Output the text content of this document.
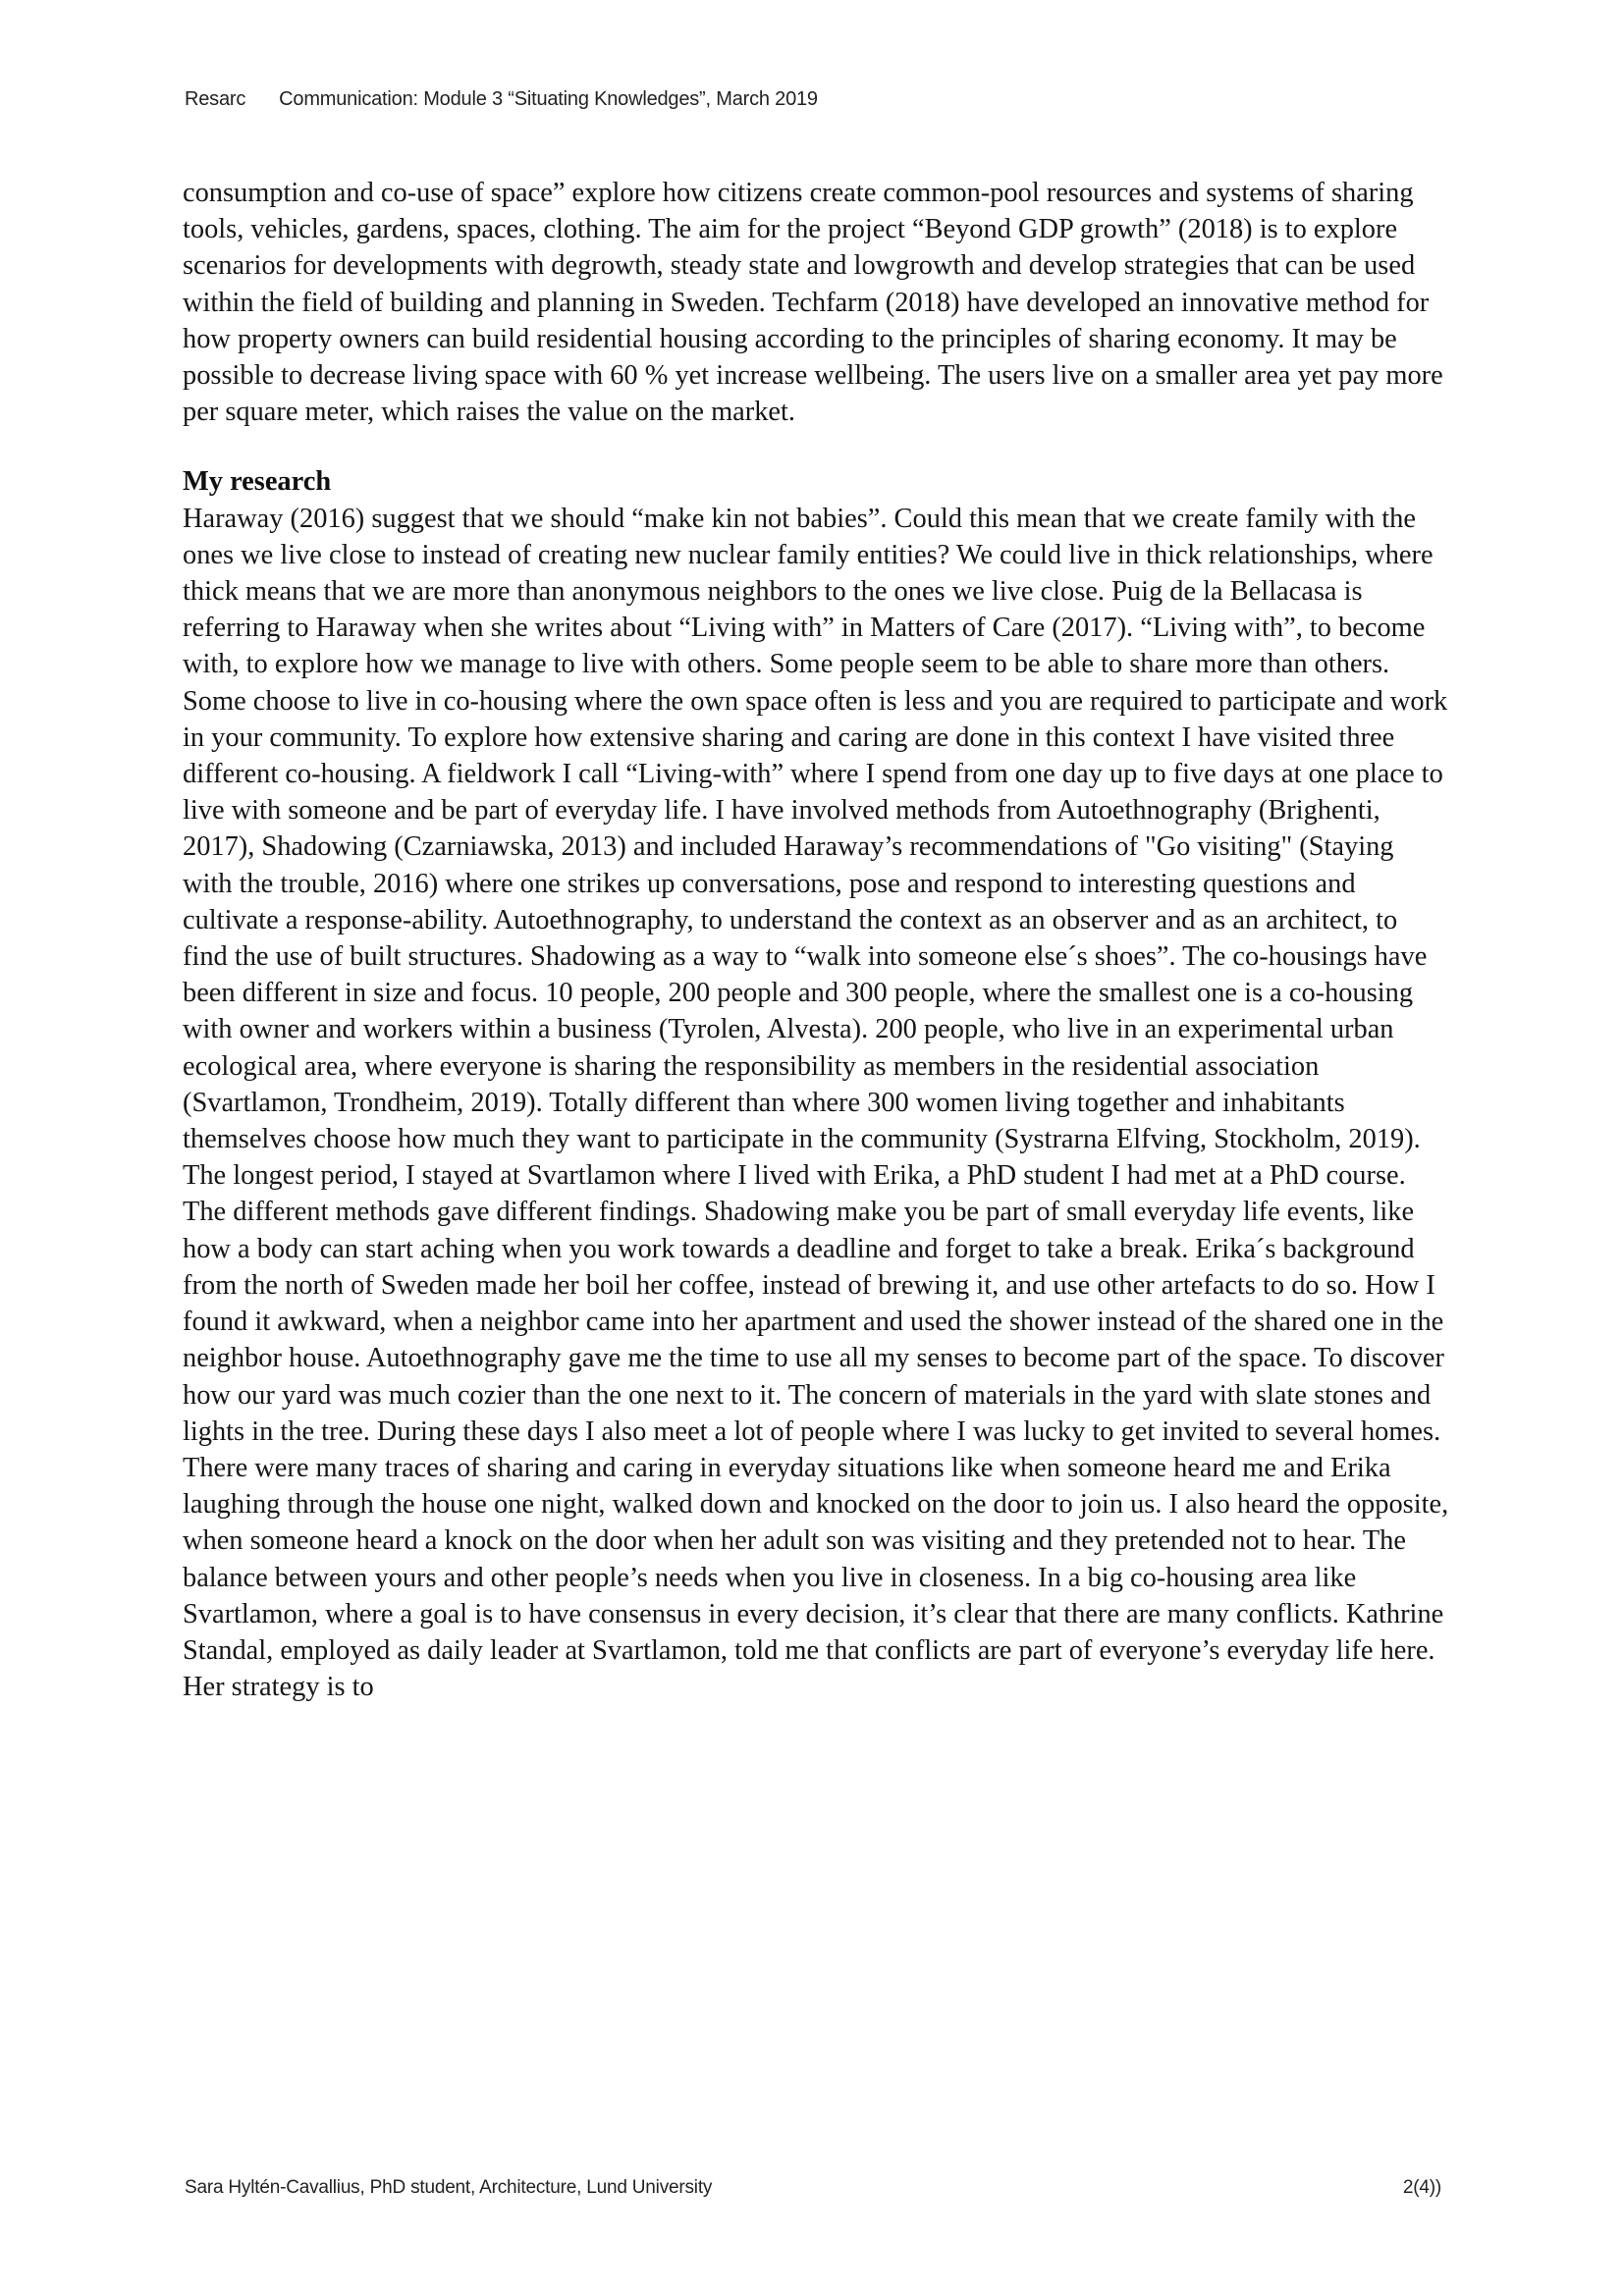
Resarc Communication: Module 3 “Situating Knowledges”, March 2019

consumption and co-use of space” explore how citizens create common-pool resources and systems of sharing tools, vehicles, gardens, spaces, clothing. The aim for the project “Beyond GDP growth” (2018) is to explore scenarios for developments with degrowth, steady state and lowgrowth and develop strategies that can be used within the field of building and planning in Sweden. Techfarm (2018) have developed an innovative method for how property owners can build residential housing according to the principles of sharing economy. It may be possible to decrease living space with 60 % yet increase wellbeing. The users live on a smaller area yet pay more per square meter, which raises the value on the market.

My research

Haraway (2016) suggest that we should “make kin not babies”. Could this mean that we create family with the ones we live close to instead of creating new nuclear family entities? We could live in thick relationships, where thick means that we are more than anonymous neighbors to the ones we live close. Puig de la Bellacasa is referring to Haraway when she writes about “Living with” in Matters of Care (2017). “Living with”, to become with, to explore how we manage to live with others. Some people seem to be able to share more than others. Some choose to live in co-housing where the own space often is less and you are required to participate and work in your community. To explore how extensive sharing and caring are done in this context I have visited three different co-housing. A fieldwork I call “Living-with” where I spend from one day up to five days at one place to live with someone and be part of everyday life. I have involved methods from Autoethnography (Brighenti, 2017), Shadowing (Czarniawska, 2013) and included Haraway’s recommendations of "Go visiting" (Staying with the trouble, 2016) where one strikes up conversations, pose and respond to interesting questions and cultivate a response-ability. Autoethnography, to understand the context as an observer and as an architect, to find the use of built structures. Shadowing as a way to “walk into someone else´s shoes”. The co-housings have been different in size and focus. 10 people, 200 people and 300 people, where the smallest one is a co-housing with owner and workers within a business (Tyrolen, Alvesta). 200 people, who live in an experimental urban ecological area, where everyone is sharing the responsibility as members in the residential association (Svartlamon, Trondheim, 2019). Totally different than where 300 women living together and inhabitants themselves choose how much they want to participate in the community (Systrarna Elfving, Stockholm, 2019). The longest period, I stayed at Svartlamon where I lived with Erika, a PhD student I had met at a PhD course. The different methods gave different findings. Shadowing make you be part of small everyday life events, like how a body can start aching when you work towards a deadline and forget to take a break. Erika´s background from the north of Sweden made her boil her coffee, instead of brewing it, and use other artefacts to do so. How I found it awkward, when a neighbor came into her apartment and used the shower instead of the shared one in the neighbor house. Autoethnography gave me the time to use all my senses to become part of the space. To discover how our yard was much cozier than the one next to it. The concern of materials in the yard with slate stones and lights in the tree. During these days I also meet a lot of people where I was lucky to get invited to several homes. There were many traces of sharing and caring in everyday situations like when someone heard me and Erika laughing through the house one night, walked down and knocked on the door to join us. I also heard the opposite, when someone heard a knock on the door when her adult son was visiting and they pretended not to hear. The balance between yours and other people’s needs when you live in closeness. In a big co-housing area like Svartlamon, where a goal is to have consensus in every decision, it’s clear that there are many conflicts. Kathrine Standal, employed as daily leader at Svartlamon, told me that conflicts are part of everyone’s everyday life here. Her strategy is to

Sara Hyltén-Cavallius, PhD student, Architecture, Lund University	2(4))
